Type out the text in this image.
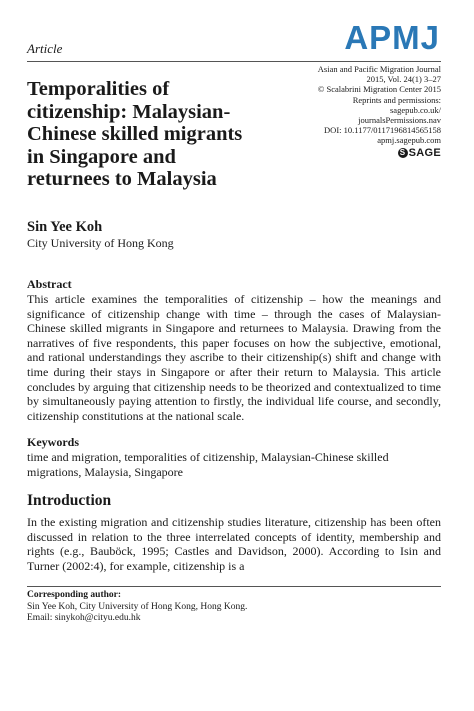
Article	APMJ
Temporalities of citizenship: Malaysian-Chinese skilled migrants in Singapore and returnees to Malaysia
Asian and Pacific Migration Journal
2015, Vol. 24(1) 3–27
© Scalabrini Migration Center 2015
Reprints and permissions:
sagepub.co.uk/
journalsPermissions.nav
DOI: 10.1177/0117196814565158
apmj.sagepub.com
S SAGE
Sin Yee Koh
City University of Hong Kong
Abstract

This article examines the temporalities of citizenship – how the meanings and significance of citizenship change with time – through the cases of Malaysian-Chinese skilled migrants in Singapore and returnees to Malaysia. Drawing from the narratives of five respondents, this paper focuses on how the subjective, emotional, and rational understandings they ascribe to their citizenship(s) shift and change with time during their stays in Singapore or after their return to Malaysia. This article concludes by arguing that citizenship needs to be theorized and contextualized to time by simultaneously paying attention to firstly, the individual life course, and secondly, citizenship constitutions at the national scale.

Keywords

time and migration, temporalities of citizenship, Malaysian-Chinese skilled migrations, Malaysia, Singapore

Introduction

In the existing migration and citizenship studies literature, citizenship has been often discussed in relation to the three interrelated concepts of identity, membership and rights (e.g., Bauböck, 1995; Castles and Davidson, 2000). According to Isin and Turner (2002:4), for example, citizenship is a

Corresponding author:
Sin Yee Koh, City University of Hong Kong, Hong Kong.
Email: sinykoh@cityu.edu.hk
